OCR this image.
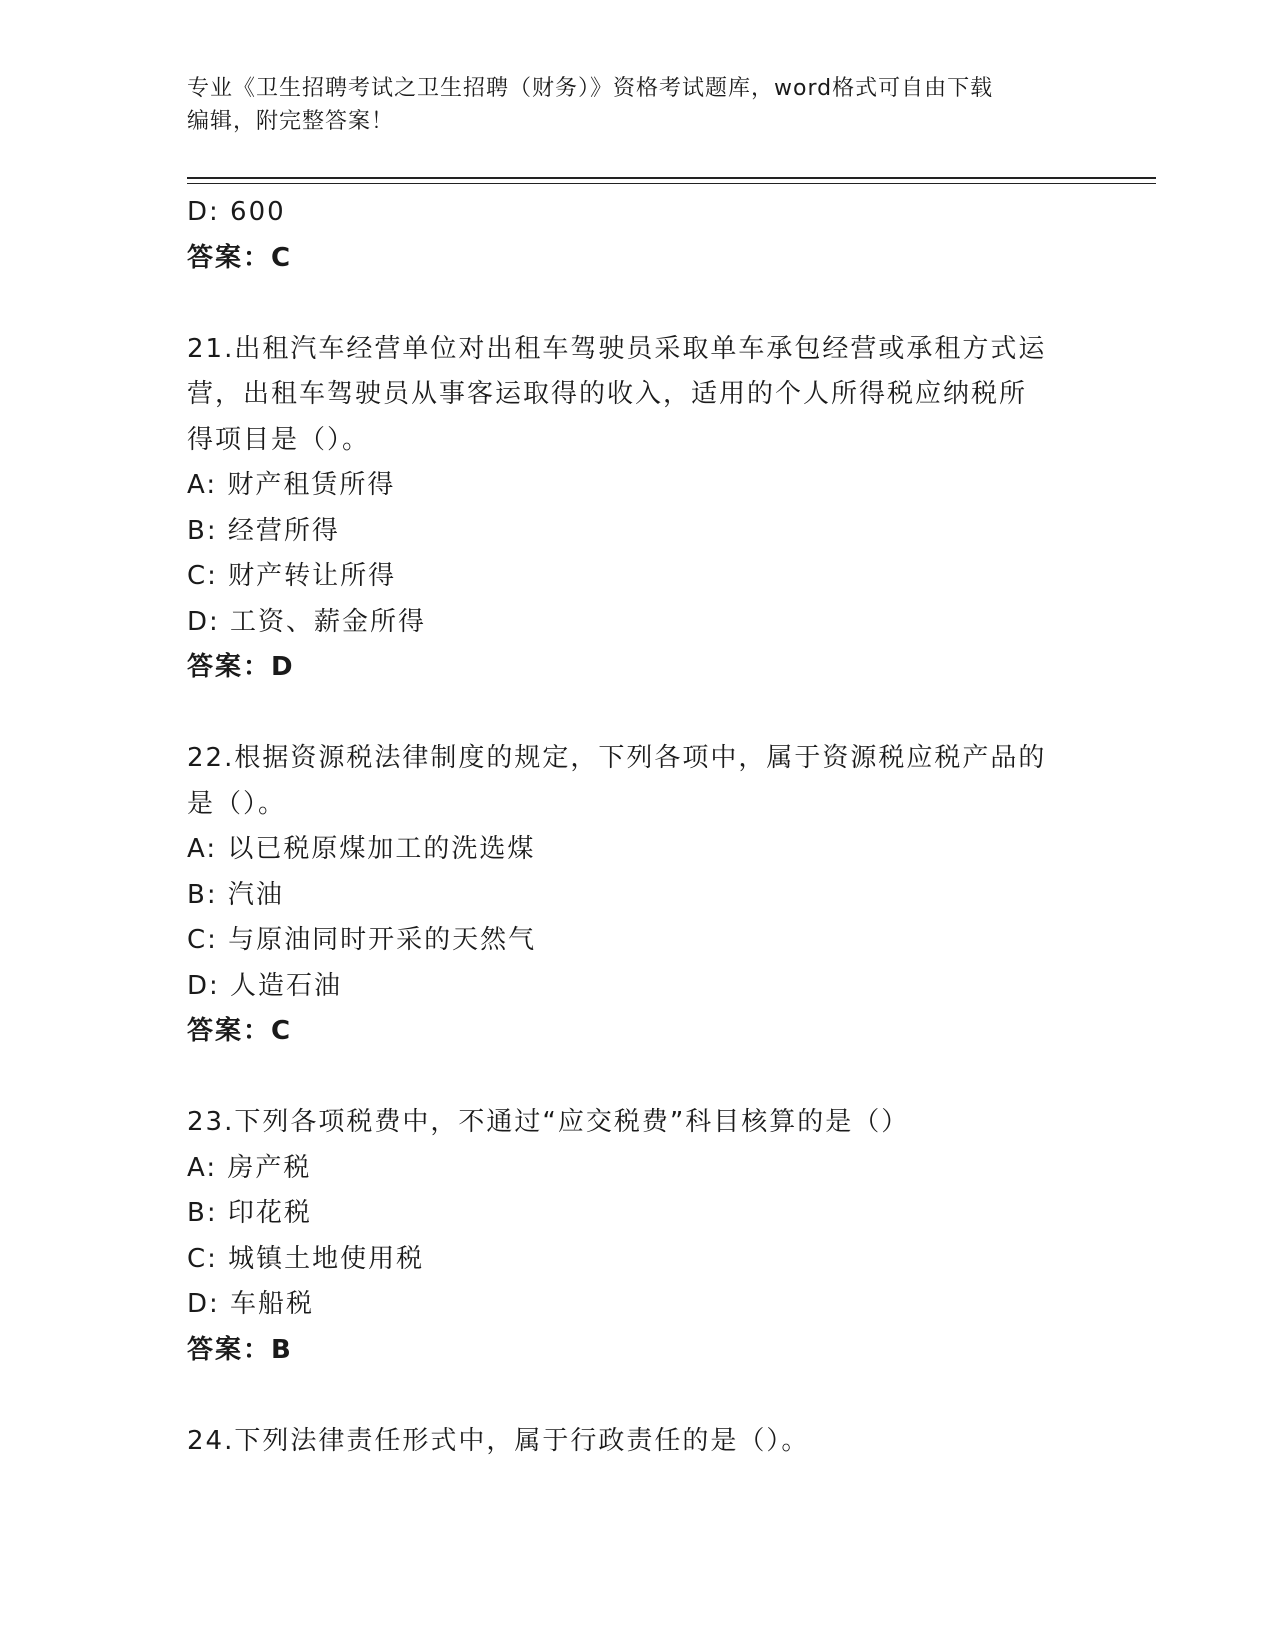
专业《卫生招聘考试之卫生招聘（财务）》资格考试题库，word格式可自由下载
编辑，附完整答案！
D: 600
答案：C
21.出租汽车经营单位对出租车驾驶员采取单车承包经营或承租方式运
营，出租车驾驶员从事客运取得的收入，适用的个人所得税应纳税所
得项目是（）。
A: 财产租赁所得
B: 经营所得
C: 财产转让所得
D: 工资、薪金所得
答案：D
22.根据资源税法律制度的规定，下列各项中，属于资源税应税产品的
是（）。
A: 以已税原煤加工的洗选煤
B: 汽油
C: 与原油同时开采的天然气
D: 人造石油
答案：C
23.下列各项税费中，不通过“应交税费”科目核算的是（）
A: 房产税
B: 印花税
C: 城镇土地使用税
D: 车船税
答案：B
24.下列法律责任形式中，属于行政责任的是（）。
